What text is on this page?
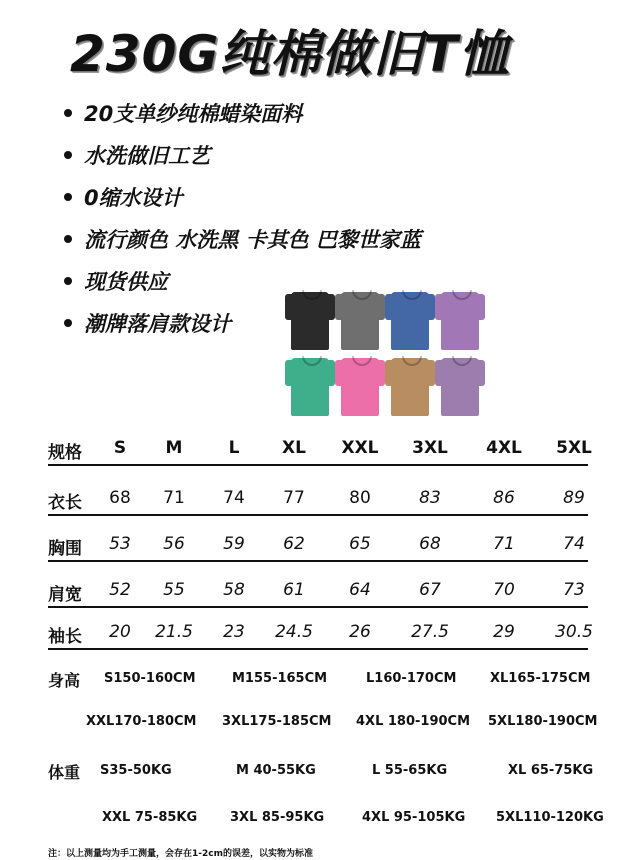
230G纯棉做旧T恤
20支单纱纯棉蜡染面料
水洗做旧工艺
0缩水设计
流行颜色 水洗黑 卡其色 巴黎世家蓝
现货供应
潮牌落肩款设计
规格	S	M	L	XL	XXL	3XL	4XL	5XL
衣长	68	71	74	77	80	83	86	89
胸围	53	56	59	62	65	68	71	74
肩宽	52	55	58	61	64	67	70	73
袖长	20	21.5	23	24.5	26	27.5	29	30.5
身高 S150-160CM	M155-165CM	L160-170CM	XL165-175CM
XXL170-180CM 3XL175-185CM 4XL 180-190CM 5XL180-190CM
体重 S35-50KG	M 40-55KG	L 55-65KG	XL 65-75KG
XXL 75-85KG	3XL 85-95KG	4XL 95-105KG 5XL110-120KG
注：以上测量均为手工测量，会存在1-2cm的误差，以实物为标准
